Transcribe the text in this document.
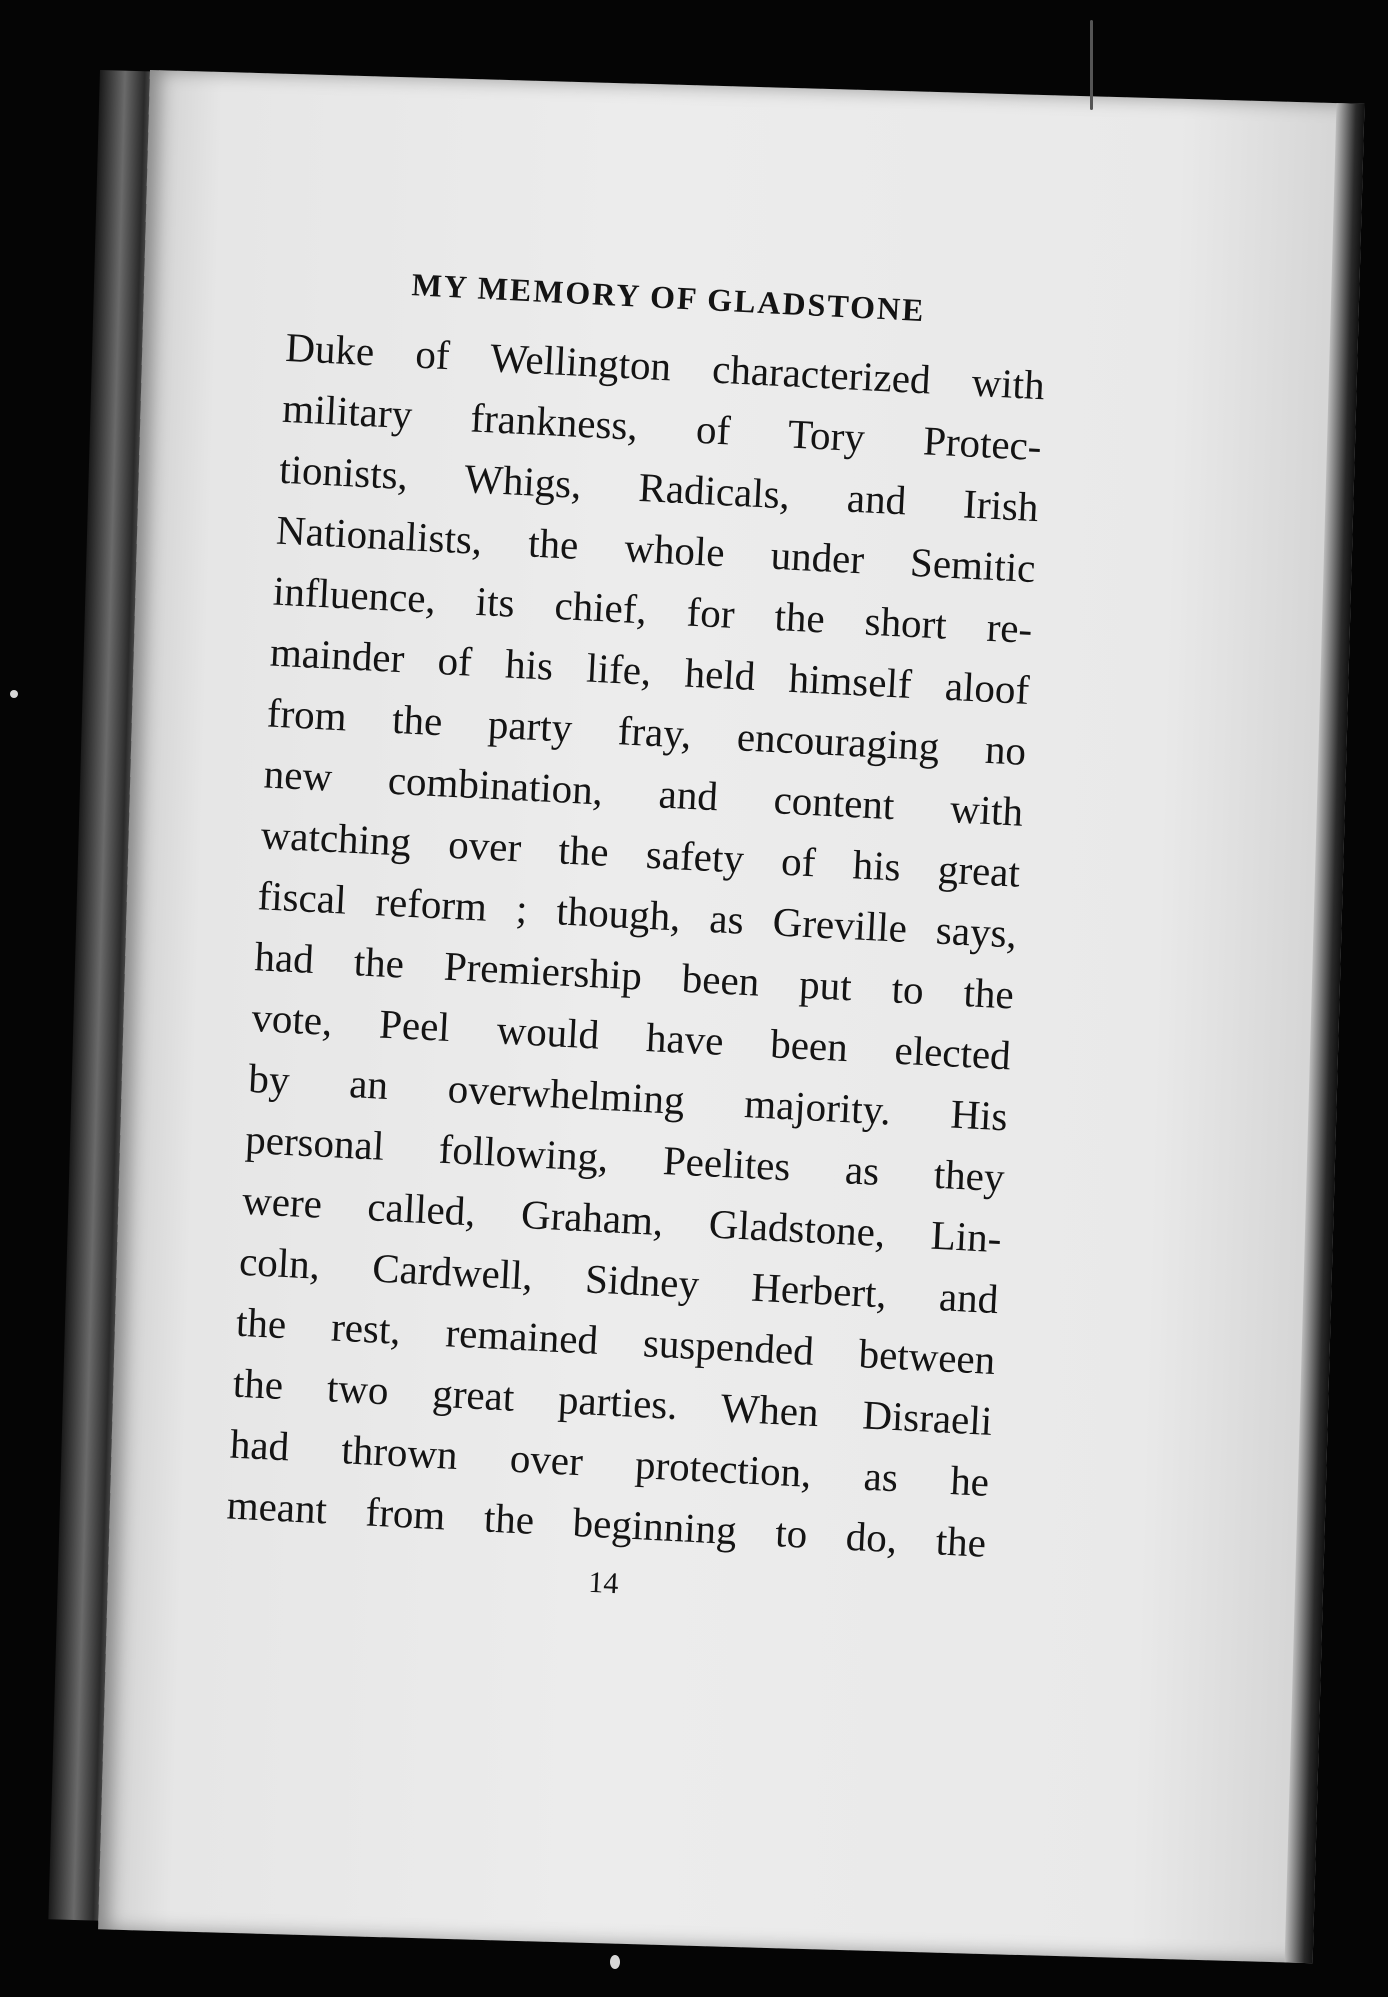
MY MEMORY OF GLADSTONE
Duke of Wellington characterized with
military frankness, of Tory Protec-
tionists, Whigs, Radicals, and Irish
Nationalists, the whole under Semitic
influence, its chief, for the short re-
mainder of his life, held himself aloof
from the party fray, encouraging no
new combination, and content with
watching over the safety of his great
fiscal reform ; though, as Greville says,
had the Premiership been put to the
vote, Peel would have been elected
by an overwhelming majority. His
personal following, Peelites as they
were called, Graham, Gladstone, Lin-
coln, Cardwell, Sidney Herbert, and
the rest, remained suspended between
the two great parties. When Disraeli
had thrown over protection, as he
meant from the beginning to do, the
14
